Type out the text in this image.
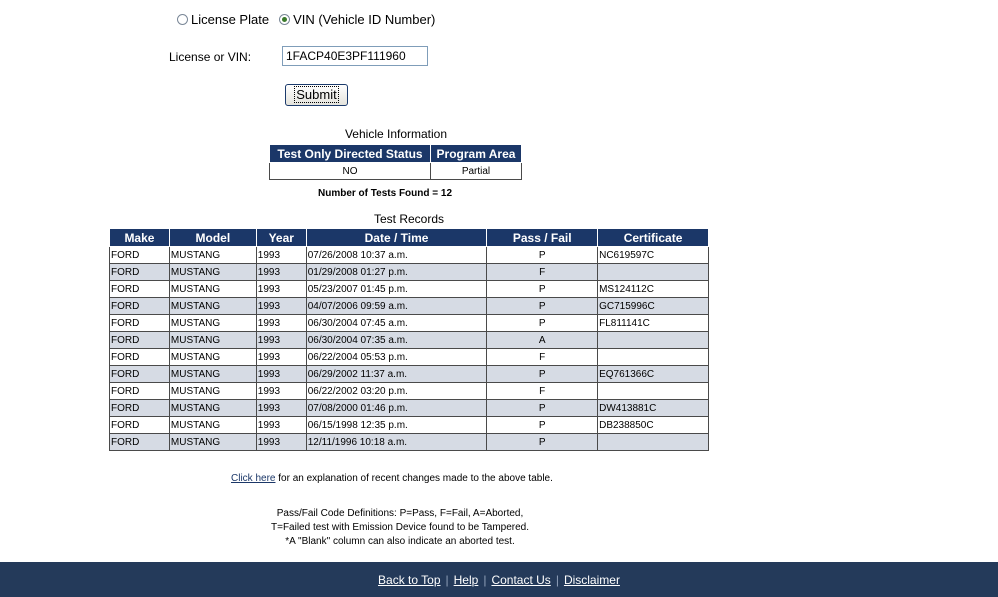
License Plate VIN (Vehicle ID Number)
License or VIN:
1FACP40E3PF111960
Submit
Vehicle Information
Test Only Directed Status	Program Area
NO	Partial
Number of Tests Found = 12
Test Records
Make	Model	Year	Date / Time	Pass / Fail	Certificate
FORD	MUSTANG	1993	07/26/2008 10:37 a.m.	P	NC619597C
FORD	MUSTANG	1993	01/29/2008 01:27 p.m.	F	
FORD	MUSTANG	1993	05/23/2007 01:45 p.m.	P	MS124112C
FORD	MUSTANG	1993	04/07/2006 09:59 a.m.	P	GC715996C
FORD	MUSTANG	1993	06/30/2004 07:45 a.m.	P	FL811141C
FORD	MUSTANG	1993	06/30/2004 07:35 a.m.	A	
FORD	MUSTANG	1993	06/22/2004 05:53 p.m.	F	
FORD	MUSTANG	1993	06/29/2002 11:37 a.m.	P	EQ761366C
FORD	MUSTANG	1993	06/22/2002 03:20 p.m.	F	
FORD	MUSTANG	1993	07/08/2000 01:46 p.m.	P	DW413881C
FORD	MUSTANG	1993	06/15/1998 12:35 p.m.	P	DB238850C
FORD	MUSTANG	1993	12/11/1996 10:18 a.m.	P	
Click here for an explanation of recent changes made to the above table.
Pass/Fail Code Definitions: P=Pass, F=Fail, A=Aborted,
T=Failed test with Emission Device found to be Tampered.
*A "Blank" column can also indicate an aborted test.
Back to Top | Help | Contact Us | Disclaimer
